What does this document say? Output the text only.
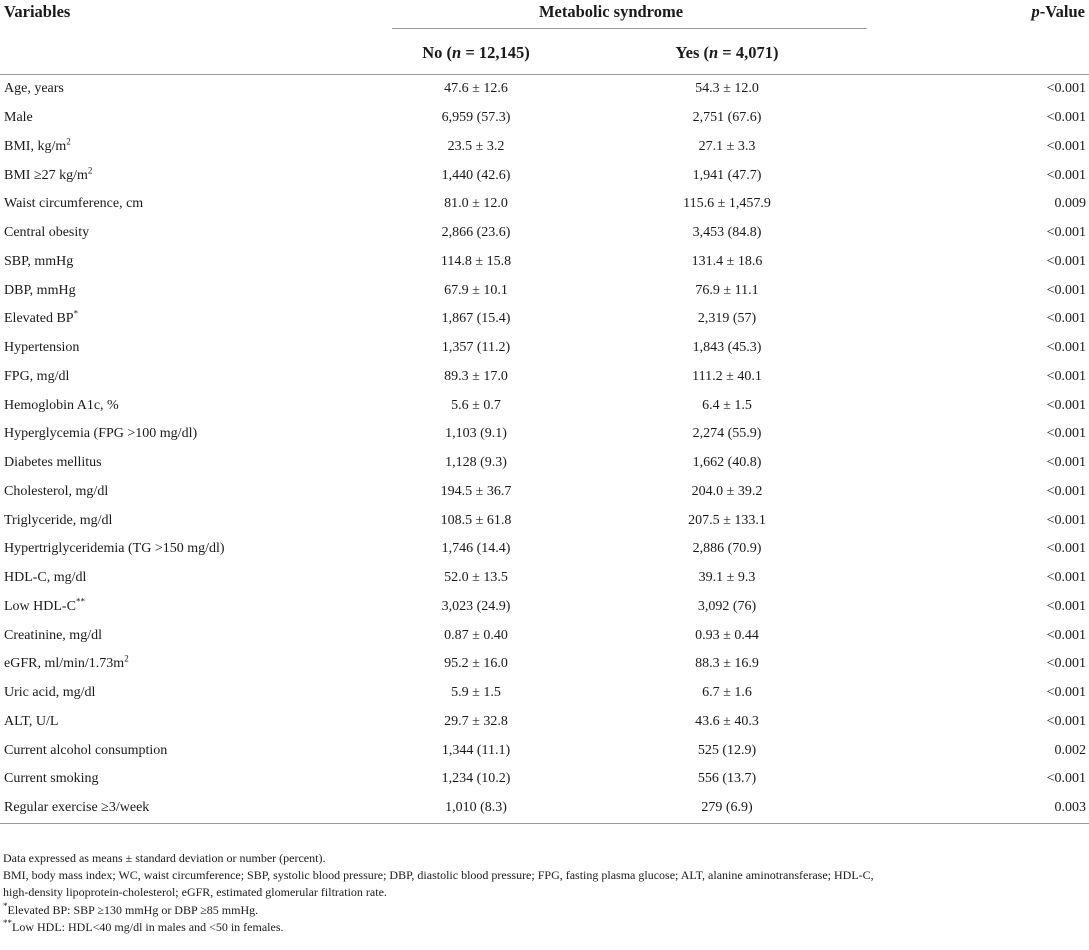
Variables	Metabolic syndrome		p-Value
	No (n = 12,145)	Yes (n = 4,071)	
Age, years	47.6 ± 12.6	54.3 ± 12.0	<0.001
Male	6,959 (57.3)	2,751 (67.6)	<0.001
BMI, $kg/m^2$	23.5 ± 3.2	27.1 ± 3.3	<0.001
BMI ≥27 $kg/m^2$	1,440 (42.6)	1,941 (47.7)	<0.001
Waist circumference, cm	81.0 ± 12.0	115.6 ± 1,457.9	0.009
Central obesity	2,866 (23.6)	3,453 (84.8)	<0.001
SBP, mmHg	114.8 ± 15.8	131.4 ± 18.6	<0.001
DBP, mmHg	67.9 ± 10.1	76.9 ± 11.1	<0.001
Elevated BP*	1,867 (15.4)	2,319 (57)	<0.001
Hypertension	1,357 (11.2)	1,843 (45.3)	<0.001
FPG, mg/dl	89.3 ± 17.0	111.2 ± 40.1	<0.001
Hemoglobin A1c, %	5.6 ± 0.7	6.4 ± 1.5	<0.001
Hyperglycemia (FPG >100 mg/dl)	1,103 (9.1)	2,274 (55.9)	<0.001
Diabetes mellitus	1,128 (9.3)	1,662 (40.8)	<0.001
Cholesterol, mg/dl	194.5 ± 36.7	204.0 ± 39.2	<0.001
Triglyceride, mg/dl	108.5 ± 61.8	207.5 ± 133.1	<0.001
Hypertriglyceridemia (TG >150 mg/dl)	1,746 (14.4)	2,886 (70.9)	<0.001
HDL-C, mg/dl	52.0 ± 13.5	39.1 ± 9.3	<0.001
Low HDL-C**	3,023 (24.9)	3,092 (76)	<0.001
Creatinine, mg/dl	0.87 ± 0.40	0.93 ± 0.44	<0.001
eGFR, $ml/\min/1.73m^2$	95.2 ± 16.0	88.3 ± 16.9	<0.001
Uric acid, mg/dl	5.9 ± 1.5	6.7 ± 1.6	<0.001
ALT, U/L	29.7 ± 32.8	43.6 ± 40.3	<0.001
Current alcohol consumption	1,344 (11.1)	525 (12.9)	0.002
Current smoking	1,234 (10.2)	556 (13.7)	<0.001
Regular exercise ≥3/week	1,010 (8.3)	279 (6.9)	0.003
Data expressed as means ± standard deviation or number (percent).
BMI, body mass index; WC, waist circumference; SBP, systolic blood pressure; DBP, diastolic blood pressure; FPG, fasting plasma glucose; ALT, alanine aminotransferase; HDL-C,
high-density lipoprotein-cholesterol; eGFR, estimated glomerular filtration rate.
*Elevated BP: SBP ≥130 mmHg or DBP ≥85 mmHg.
**Low HDL: HDL<40 mg/dl in males and <50 in females.
